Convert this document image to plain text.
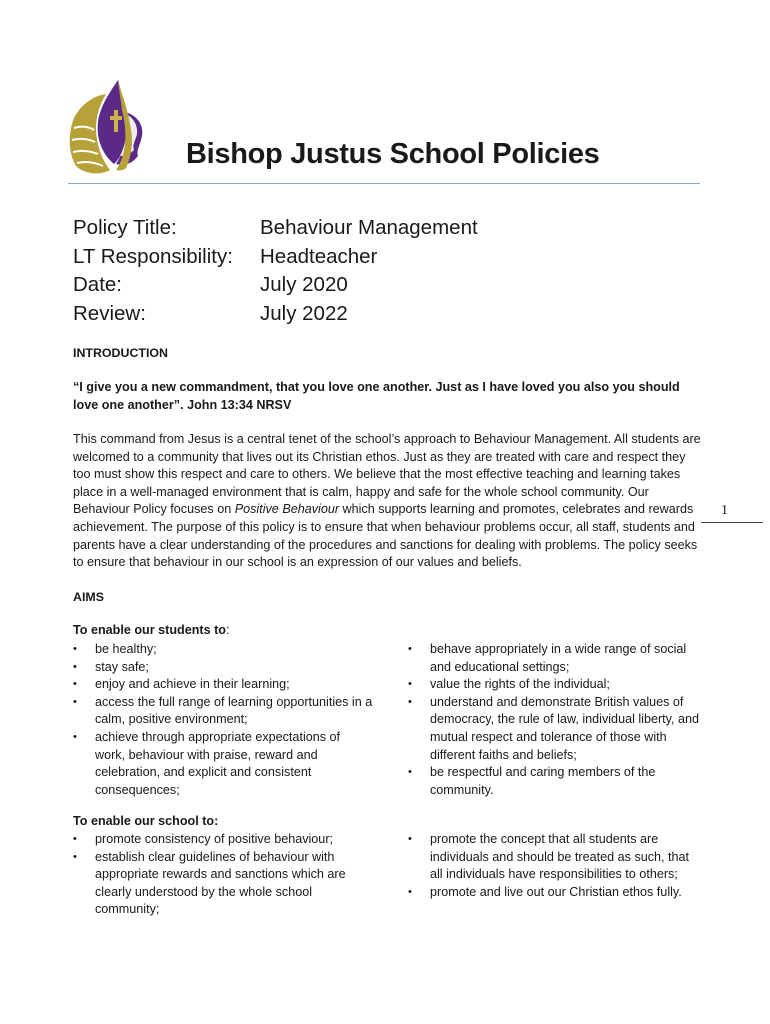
Bishop Justus School Policies
Policy Title:	Behaviour Management
LT Responsibility:	Headteacher
Date:	July 2020
Review:	July 2022
INTRODUCTION
“I give you a new commandment, that you love one another. Just as I have loved you also you should love one another”. John 13:34 NRSV
This command from Jesus is a central tenet of the school’s approach to Behaviour Management. All students are welcomed to a community that lives out its Christian ethos. Just as they are treated with care and respect they too must show this respect and care to others. We believe that the most effective teaching and learning takes place in a well-managed environment that is calm, happy and safe for the whole school community. Our Behaviour Policy focuses on Positive Behaviour which supports learning and promotes, celebrates and rewards achievement. The purpose of this policy is to ensure that when behaviour problems occur, all staff, students and parents have a clear understanding of the procedures and sanctions for dealing with problems. The policy seeks to ensure that behaviour in our school is an expression of our values and beliefs.
1
AIMS
To enable our students to:
• be healthy;
• stay safe;
• enjoy and achieve in their learning;
• access the full range of learning opportunities in a calm, positive environment;
• achieve through appropriate expectations of work, behaviour with praise, reward and celebration, and explicit and consistent consequences;
• behave appropriately in a wide range of social and educational settings;
• value the rights of the individual;
• understand and demonstrate British values of democracy, the rule of law, individual liberty, and mutual respect and tolerance of those with different faiths and beliefs;
• be respectful and caring members of the community.
To enable our school to:
• promote consistency of positive behaviour;
• establish clear guidelines of behaviour with appropriate rewards and sanctions which are clearly understood by the whole school community;
• promote the concept that all students are individuals and should be treated as such, that all individuals have responsibilities to others;
• promote and live out our Christian ethos fully.
